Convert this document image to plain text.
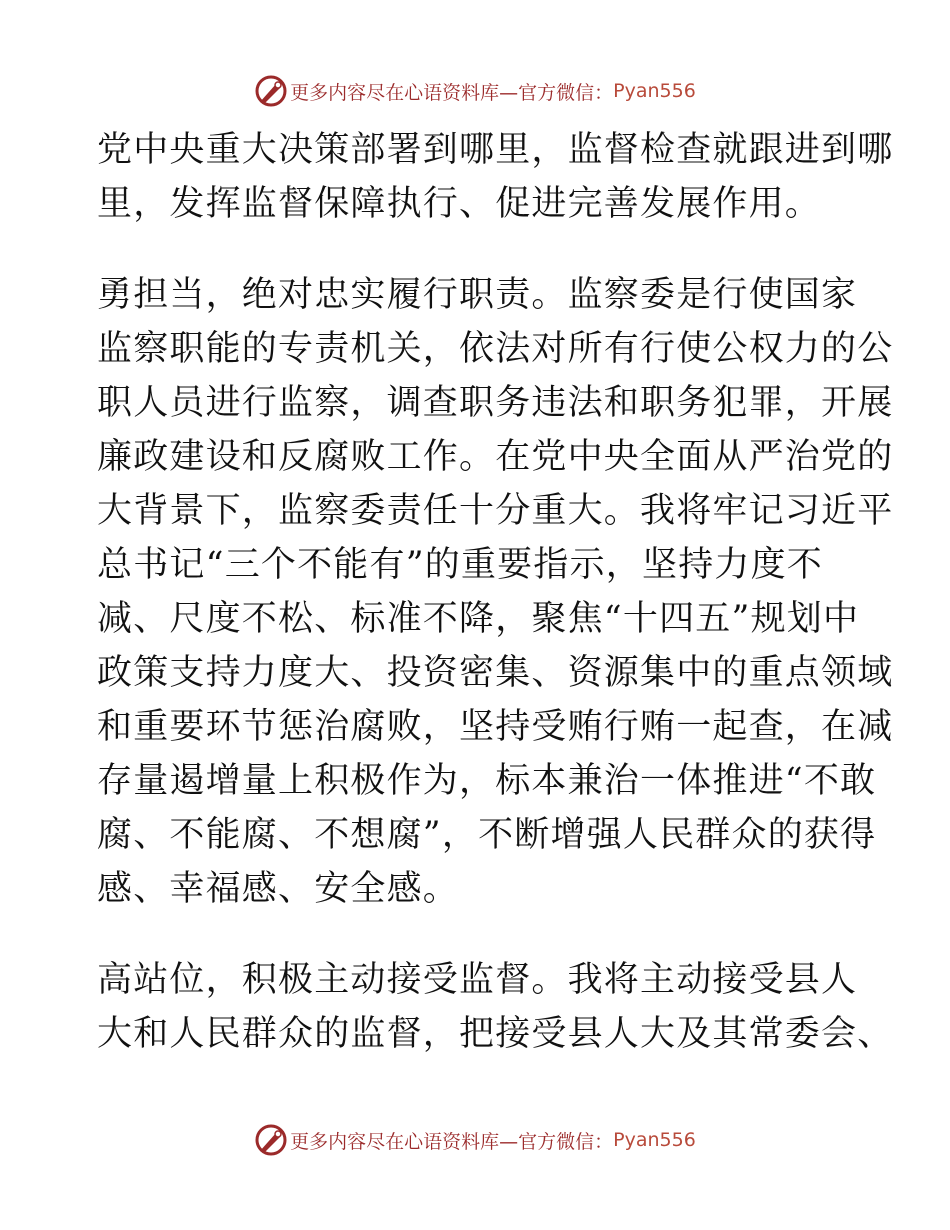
更多内容尽在心语资料库—官方微信： Pyan556
党中央重大决策部署到哪里，监督检查就跟进到哪
里，发挥监督保障执行、促进完善发展作用。
勇担当，绝对忠实履行职责。监察委是行使国家
监察职能的专责机关，依法对所有行使公权力的公
职人员进行监察，调查职务违法和职务犯罪，开展
廉政建设和反腐败工作。在党中央全面从严治党的
大背景下，监察委责任十分重大。我将牢记习近平
总书记“三个不能有”的重要指示，坚持力度不
减、尺度不松、标准不降，聚焦“十四五”规划中
政策支持力度大、投资密集、资源集中的重点领域
和重要环节惩治腐败，坚持受贿行贿一起查，在减
存量遏增量上积极作为，标本兼治一体推进“不敢
腐、不能腐、不想腐”，不断增强人民群众的获得
感、幸福感、安全感。
高站位，积极主动接受监督。我将主动接受县人
大和人民群众的监督，把接受县人大及其常委会、
更多内容尽在心语资料库—官方微信： Pyan556
